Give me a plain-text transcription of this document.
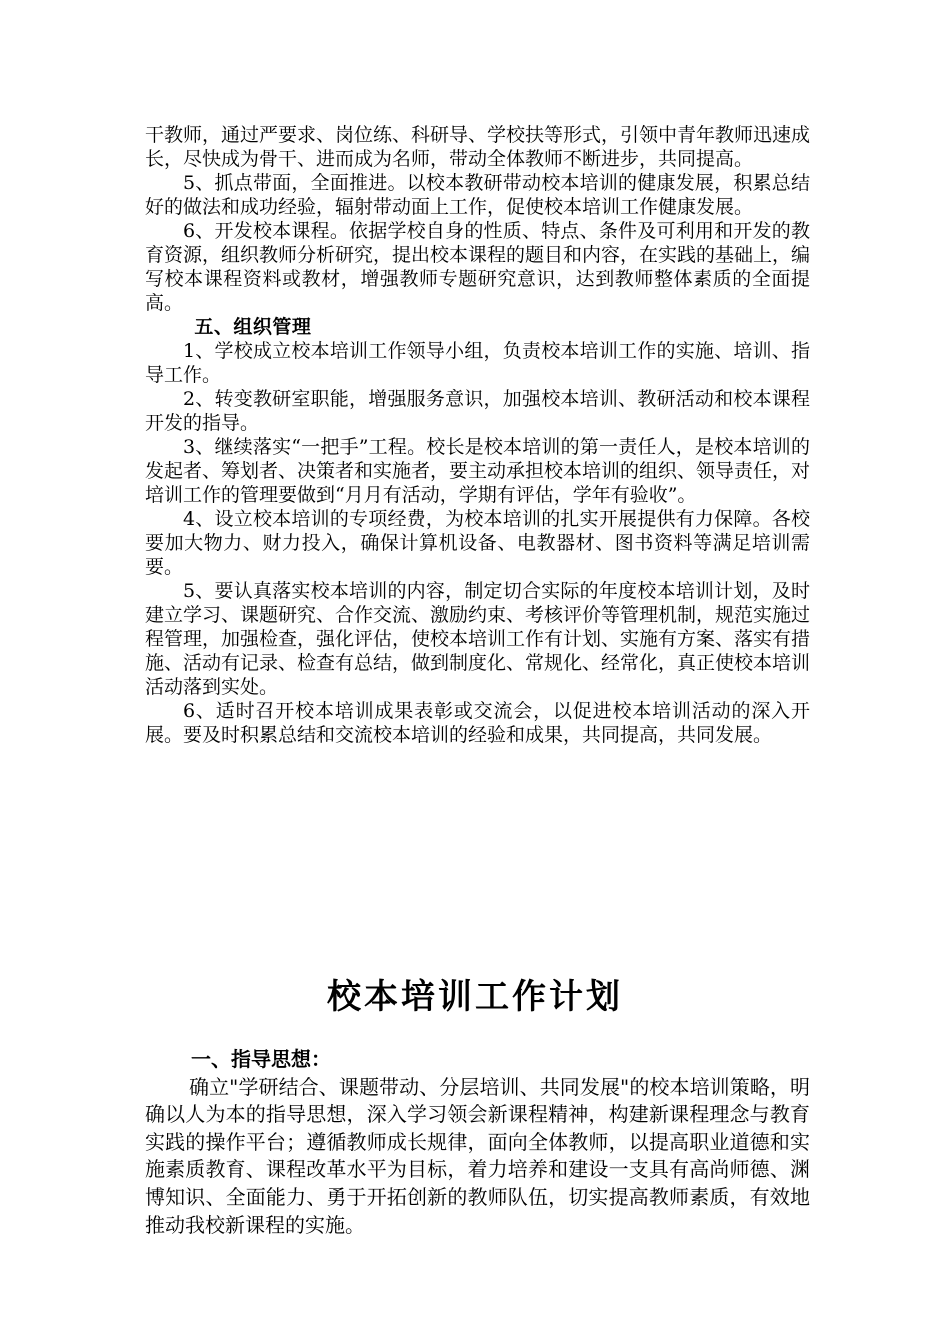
干教师，通过严要求、岗位练、科研导、学校扶等形式，引领中青年教师迅速成长，尽快成为骨干、进而成为名师，带动全体教师不断进步，共同提高。

5、抓点带面，全面推进。以校本教研带动校本培训的健康发展，积累总结好的做法和成功经验，辐射带动面上工作，促使校本培训工作健康发展。

6、开发校本课程。依据学校自身的性质、特点、条件及可利用和开发的教育资源，组织教师分析研究，提出校本课程的题目和内容，在实践的基础上，编写校本课程资料或教材，增强教师专题研究意识，达到教师整体素质的全面提高。

五、组织管理

1、学校成立校本培训工作领导小组，负责校本培训工作的实施、培训、指导工作。

2、转变教研室职能，增强服务意识，加强校本培训、教研活动和校本课程开发的指导。

3、继续落实“一把手”工程。校长是校本培训的第一责任人，是校本培训的发起者、筹划者、决策者和实施者，要主动承担校本培训的组织、领导责任，对培训工作的管理要做到“月月有活动，学期有评估，学年有验收”。

4、设立校本培训的专项经费，为校本培训的扎实开展提供有力保障。各校要加大物力、财力投入，确保计算机设备、电教器材、图书资料等满足培训需要。

5、要认真落实校本培训的内容，制定切合实际的年度校本培训计划，及时建立学习、课题研究、合作交流、激励约束、考核评价等管理机制，规范实施过程管理，加强检查，强化评估，使校本培训工作有计划、实施有方案、落实有措施、活动有记录、检查有总结，做到制度化、常规化、经常化，真正使校本培训活动落到实处。

6、适时召开校本培训成果表彰或交流会，以促进校本培训活动的深入开展。要及时积累总结和交流校本培训的经验和成果，共同提高，共同发展。

校本培训工作计划

一、指导思想：

确立"学研结合、课题带动、分层培训、共同发展"的校本培训策略，明确以人为本的指导思想，深入学习领会新课程精神，构建新课程理念与教育实践的操作平台；遵循教师成长规律，面向全体教师，以提高职业道德和实施素质教育、课程改革水平为目标，着力培养和建设一支具有高尚师德、渊博知识、全面能力、勇于开拓创新的教师队伍，切实提高教师素质，有效地推动我校新课程的实施。
